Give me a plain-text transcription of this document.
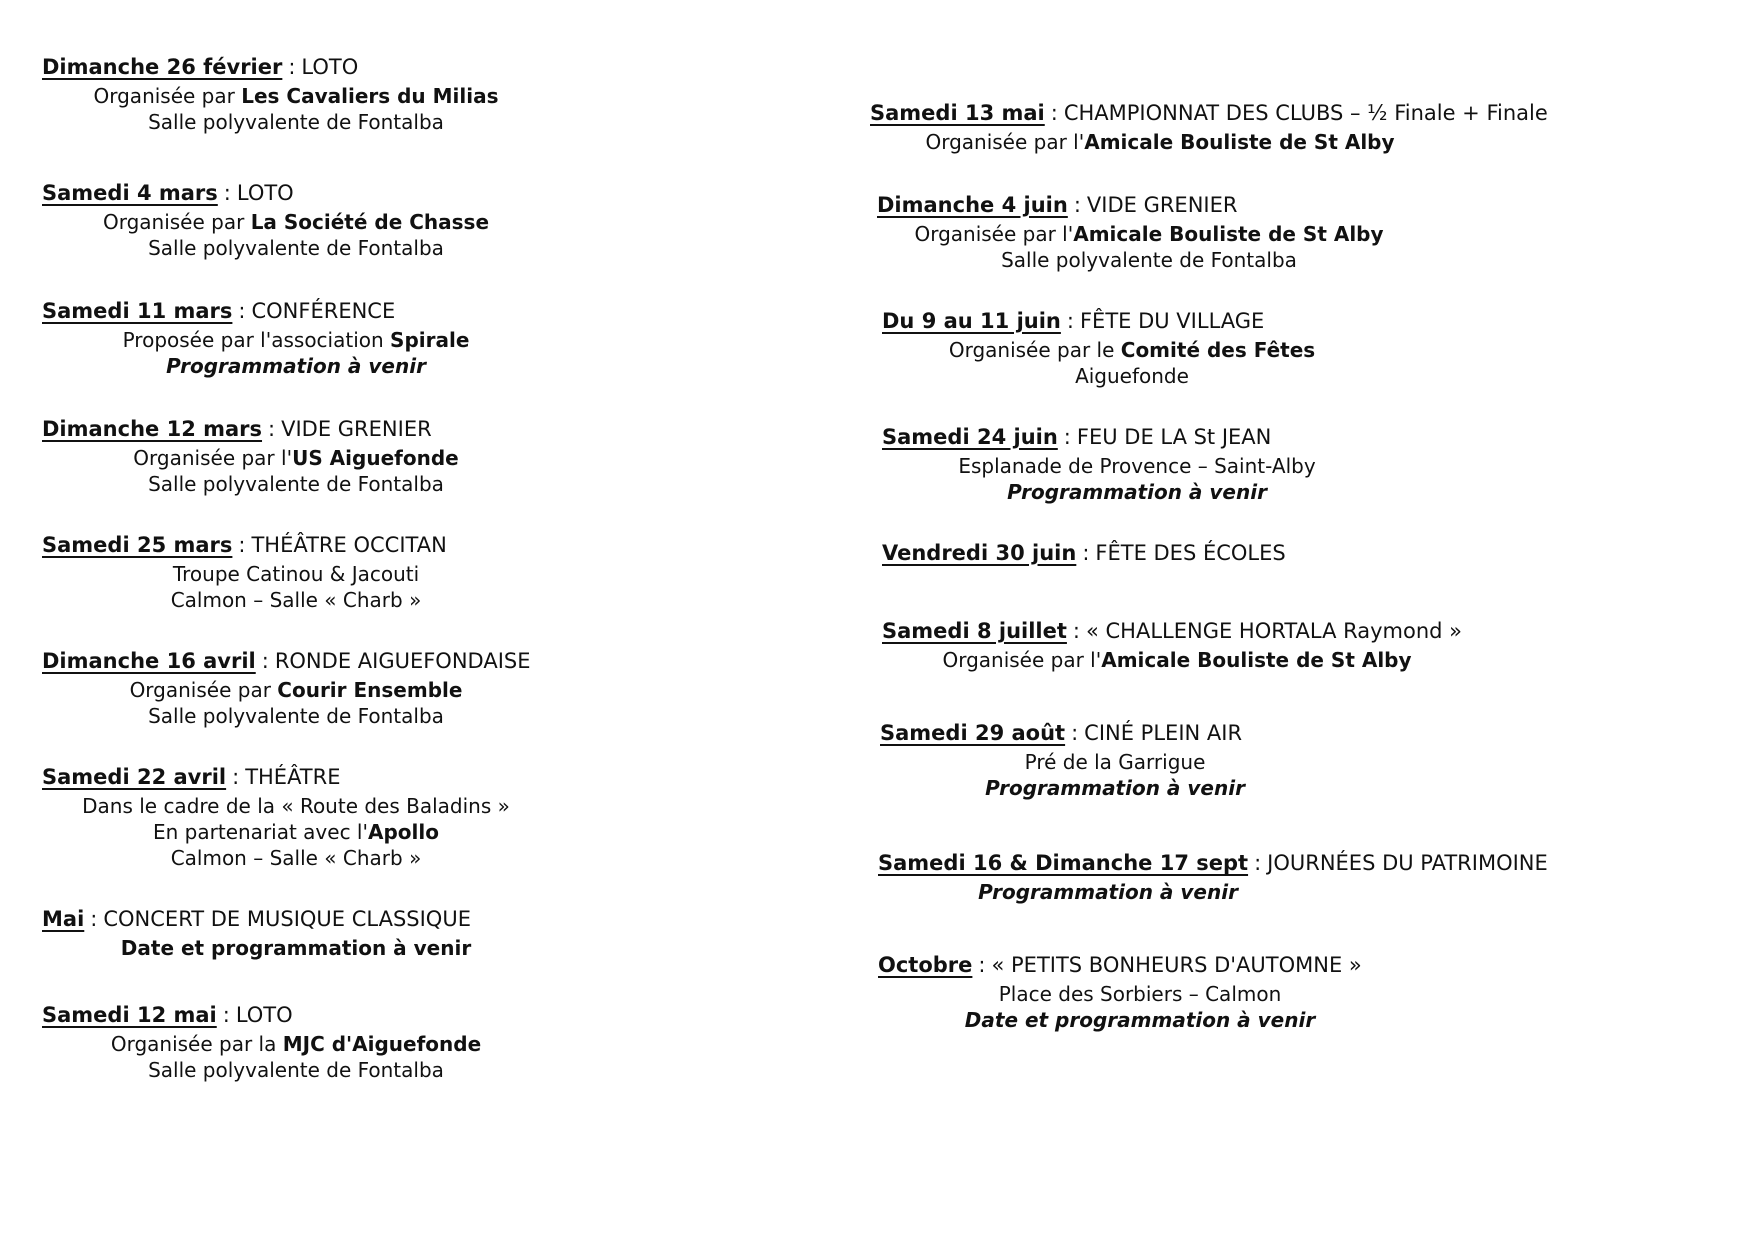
Dimanche 26 février : LOTO
Organisée par Les Cavaliers du Milias
Salle polyvalente de Fontalba
Samedi 4 mars : LOTO
Organisée par La Société de Chasse
Salle polyvalente de Fontalba
Samedi 11 mars : CONFÉRENCE
Proposée par l'association Spirale
Programmation à venir
Dimanche 12 mars : VIDE GRENIER
Organisée par l'US Aiguefonde
Salle polyvalente de Fontalba
Samedi 25 mars : THÉÂTRE OCCITAN
Troupe Catinou & Jacouti
Calmon – Salle « Charb »
Dimanche 16 avril : RONDE AIGUEFONDAISE
Organisée par Courir Ensemble
Salle polyvalente de Fontalba
Samedi 22 avril : THÉÂTRE
Dans le cadre de la « Route des Baladins »
En partenariat avec l'Apollo
Calmon – Salle « Charb »
Mai : CONCERT DE MUSIQUE CLASSIQUE
Date et programmation à venir
Samedi 12 mai : LOTO
Organisée par la MJC d'Aiguefonde
Salle polyvalente de Fontalba
Samedi 13 mai : CHAMPIONNAT DES CLUBS – ½ Finale + Finale
Organisée par l'Amicale Bouliste de St Alby
Dimanche 4 juin : VIDE GRENIER
Organisée par l'Amicale Bouliste de St Alby
Salle polyvalente de Fontalba
Du 9 au 11 juin : FÊTE DU VILLAGE
Organisée par le Comité des Fêtes
Aiguefonde
Samedi 24 juin : FEU DE LA St JEAN
Esplanade de Provence – Saint-Alby
Programmation à venir
Vendredi 30 juin : FÊTE DES ÉCOLES
Samedi 8 juillet : « CHALLENGE HORTALA Raymond »
Organisée par l'Amicale Bouliste de St Alby
Samedi 29 août : CINÉ PLEIN AIR
Pré de la Garrigue
Programmation à venir
Samedi 16 & Dimanche 17 sept : JOURNÉES DU PATRIMOINE
Programmation à venir
Octobre : « PETITS BONHEURS D'AUTOMNE »
Place des Sorbiers – Calmon
Date et programmation à venir
